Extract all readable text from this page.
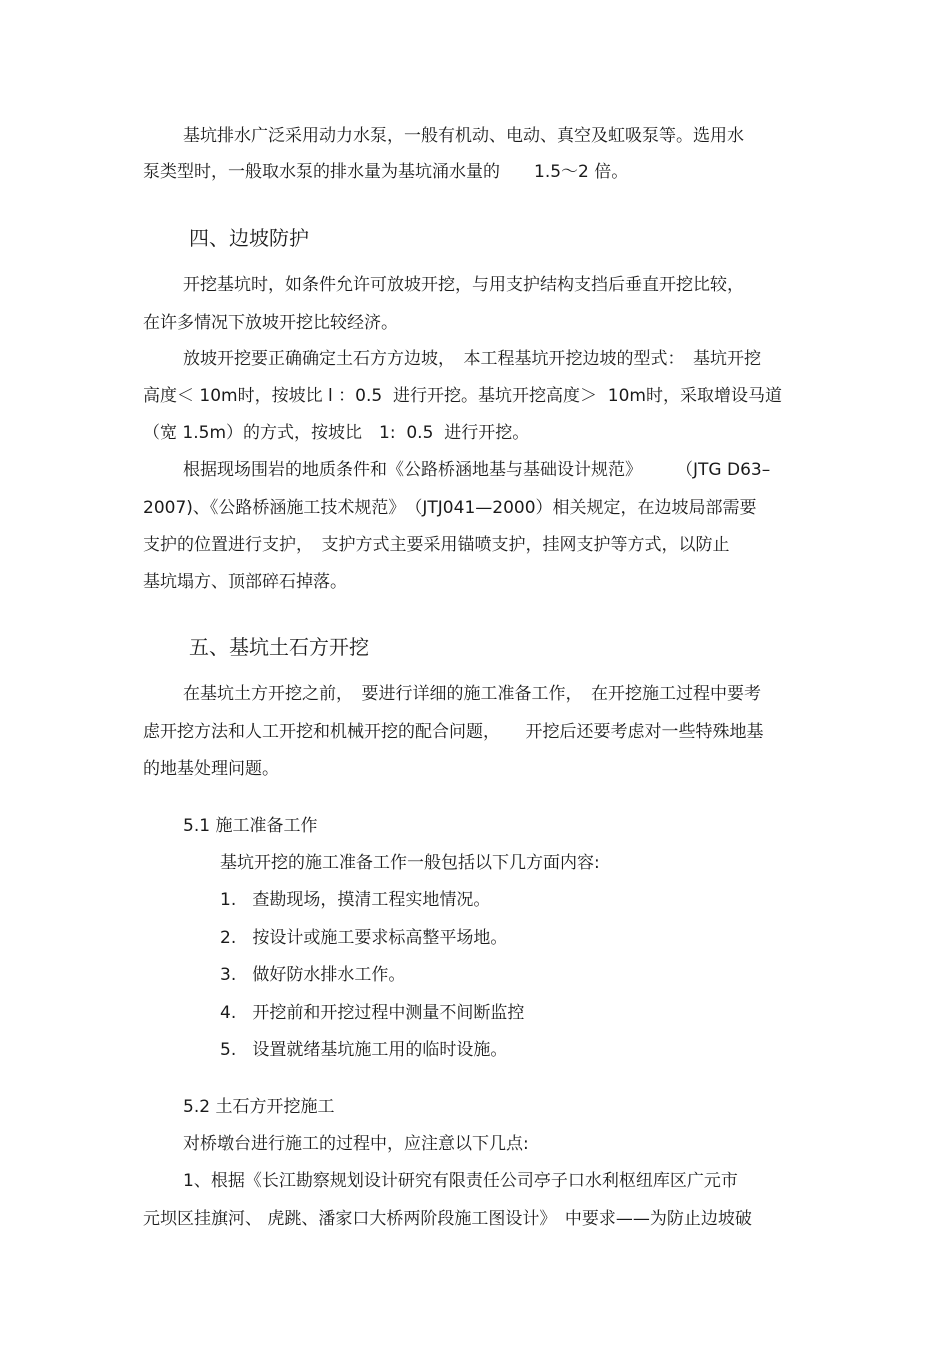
基坑排水广泛采用动力水泵，一般有机动、电动、真空及虹吸泵等。选用水
泵类型时，一般取水泵的排水量为基坑涌水量的　　1.5～2 倍。
四、边坡防护
开挖基坑时，如条件允许可放坡开挖，与用支护结构支挡后垂直开挖比较，
在许多情况下放坡开挖比较经济。
放坡开挖要正确确定土石方方边坡，　本工程基坑开挖边坡的型式：　基坑开挖
高度＜ 10m时，按坡比 l ：0.5  进行开挖。基坑开挖高度＞  10m时，采取增设马道
（宽 1.5m）的方式，按坡比　1:  0.5  进行开挖。
根据现场围岩的地质条件和《公路桥涵地基与基础设计规范》　　　（JTG D63–
2007)、《公路桥涵施工技术规范》　（JTJ041—2000）相关规定，在边坡局部需要
支护的位置进行支护，　支护方式主要采用锚喷支护，挂网支护等方式，以防止
基坑塌方、顶部碎石掉落。
五、基坑土石方开挖
在基坑土方开挖之前，　要进行详细的施工准备工作，　在开挖施工过程中要考
虑开挖方法和人工开挖和机械开挖的配合问题，　　开挖后还要考虑对一些特殊地基
的地基处理问题。
5.1 施工准备工作
基坑开挖的施工准备工作一般包括以下几方面内容:
1.   查勘现场，摸清工程实地情况。
2.   按设计或施工要求标高整平场地。
3.   做好防水排水工作。
4.   开挖前和开挖过程中测量不间断监控
5.   设置就绪基坑施工用的临时设施。
5.2 土石方开挖施工
对桥墩台进行施工的过程中，应注意以下几点:
1、根据《长江勘察规划设计研究有限责任公司亭子口水利枢纽库区广元市
元坝区挂旗河、 虎跳、潘家口大桥两阶段施工图设计》　中要求——为防止边坡破
